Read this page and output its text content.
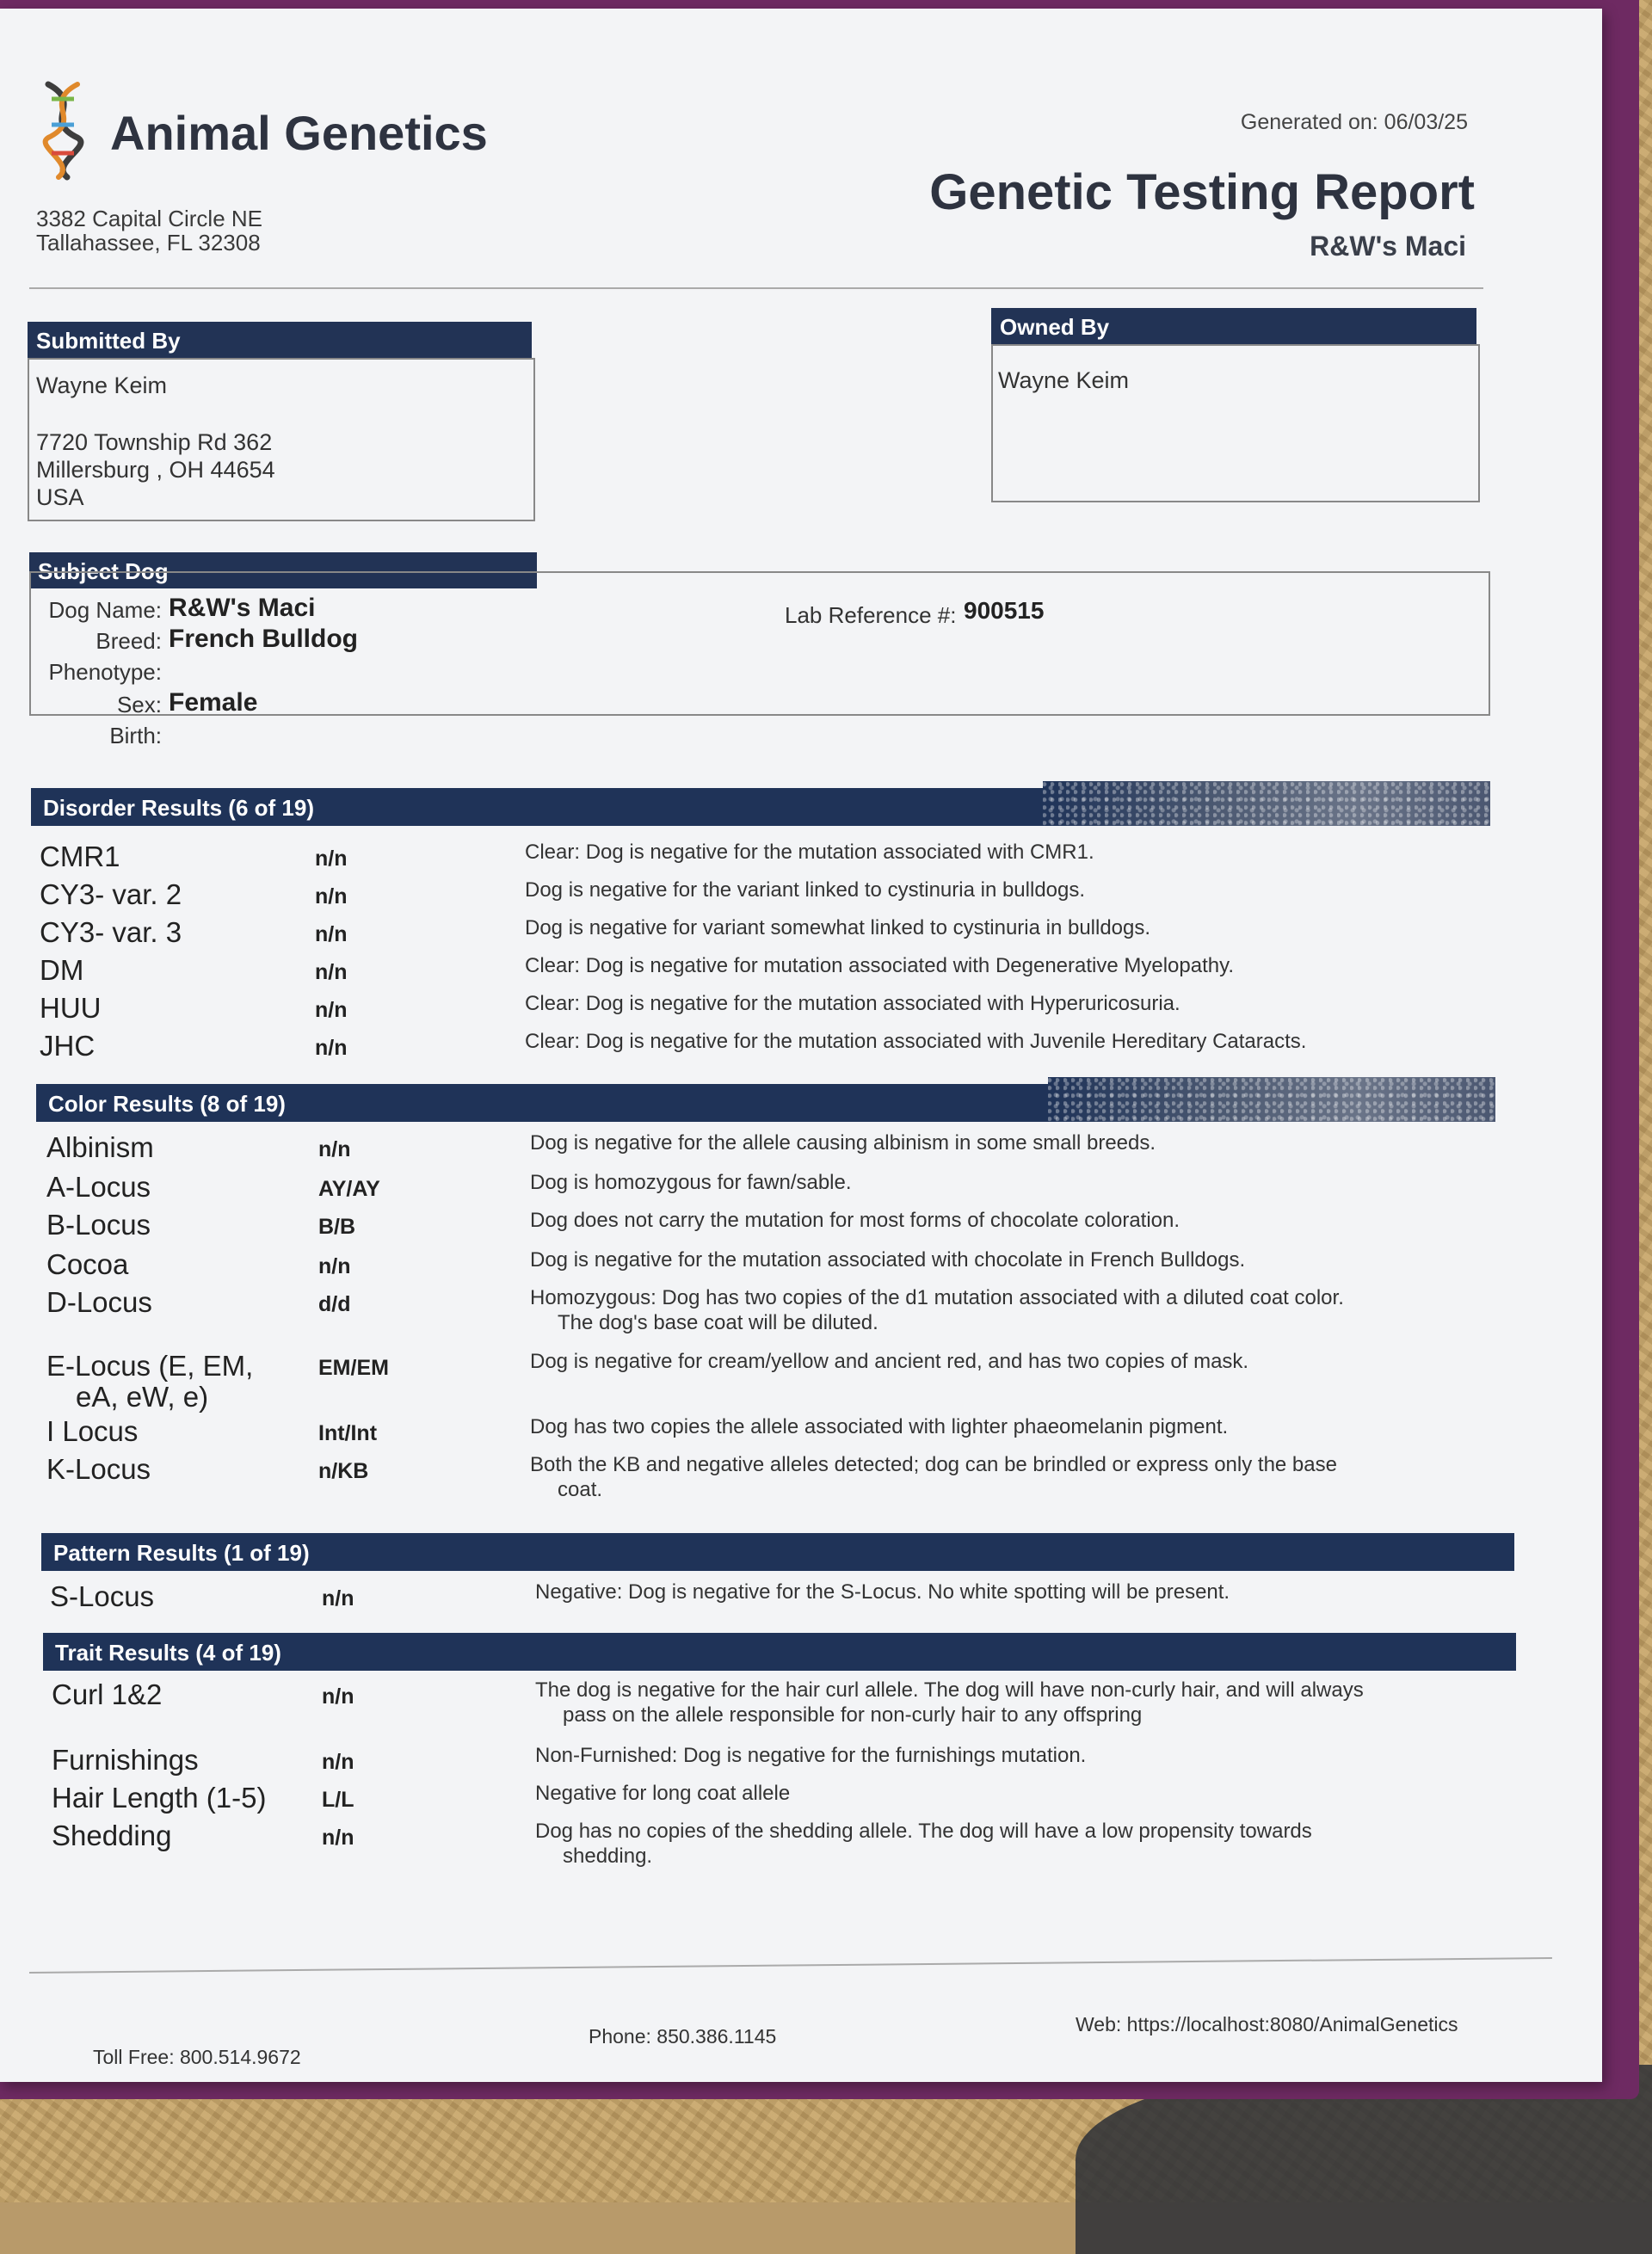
Animal Genetics
3382 Capital Circle NE
Tallahassee, FL 32308
Generated on: 06/03/25
Genetic Testing Report
R&W's Maci
Submitted By
Wayne Keim
7720 Township Rd 362
Millersburg , OH 44654
USA
Owned By
Wayne Keim
Subject Dog
Dog Name: R&W's Maci
Breed: French Bulldog
Phenotype:
Sex: Female
Birth:
Lab Reference #: 900515
Disorder Results (6 of 19)
CMR1	n/n	Clear: Dog is negative for the mutation associated with CMR1.
CY3- var. 2	n/n	Dog is negative for the variant linked to cystinuria in bulldogs.
CY3- var. 3	n/n	Dog is negative for variant somewhat linked to cystinuria in bulldogs.
DM	n/n	Clear: Dog is negative for mutation associated with Degenerative Myelopathy.
HUU	n/n	Clear: Dog is negative for the mutation associated with Hyperuricosuria.
JHC	n/n	Clear: Dog is negative for the mutation associated with Juvenile Hereditary Cataracts.
Color Results (8 of 19)
Albinism	n/n	Dog is negative for the allele causing albinism in some small breeds.
A-Locus	AY/AY	Dog is homozygous for fawn/sable.
B-Locus	B/B	Dog does not carry the mutation for most forms of chocolate coloration.
Cocoa	n/n	Dog is negative for the mutation associated with chocolate in French Bulldogs.
D-Locus	d/d	Homozygous: Dog has two copies of the d1 mutation associated with a diluted coat color.
The dog's base coat will be diluted.
E-Locus (E, EM,
eA, eW, e)
EM/EM	Dog is negative for cream/yellow and ancient red, and has two copies of mask.
I Locus	Int/Int	Dog has two copies the allele associated with lighter phaeomelanin pigment.
K-Locus	n/KB	Both the KB and negative alleles detected; dog can be brindled or express only the base
coat.
Pattern Results (1 of 19)
S-Locus	n/n	Negative: Dog is negative for the S-Locus. No white spotting will be present.
Trait Results (4 of 19)
Curl 1&2	n/n	The dog is negative for the hair curl allele. The dog will have non-curly hair, and will always
pass on the allele responsible for non-curly hair to any offspring
Furnishings	n/n	Non-Furnished: Dog is negative for the furnishings mutation.
Hair Length (1-5)	L/L	Negative for long coat allele
Shedding	n/n	Dog has no copies of the shedding allele. The dog will have a low propensity towards
shedding.
Toll Free: 800.514.9672
Phone: 850.386.1145
Web: https://localhost:8080/AnimalGenetics
